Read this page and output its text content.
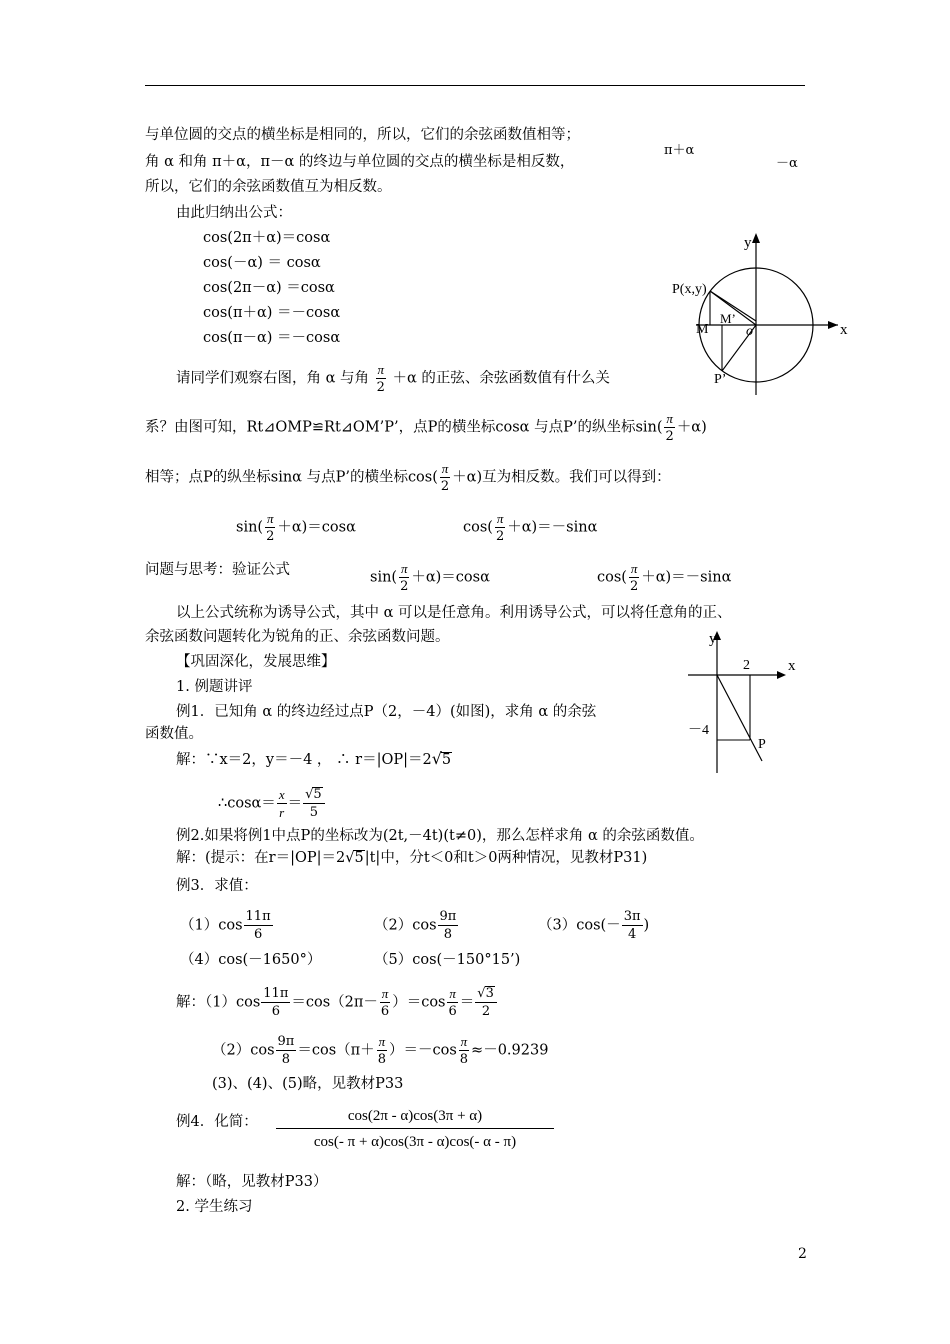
与单位圆的交点的横坐标是相同的，所以，它们的余弦函数值相等；
角 α 和角 π＋α，π－α 的终边与单位圆的交点的横坐标是相反数，
π＋α
－α
所以，它们的余弦函数值互为相反数。
由此归纳出公式：
cos(2π＋α)＝cosα
cos(－α) ＝ cosα
cos(2π－α) ＝cosα
cos(π＋α) ＝－cosα
cos(π－α) ＝－cosα
y
x
P(x,y)
M
M’
o
P’
请同学们观察右图，角 α 与角 $\frac{\pi}{2} +\alpha$ 的正弦、余弦函数值有什么关
系？由图可知，Rt⊿OMP≌Rt⊿OM’P’，点P的横坐标cosα 与点P’的纵坐标$\sin( \frac{\pi}{2} +\alpha)$
相等；点P的纵坐标sinα 与点P’的横坐标$\cos( \frac{\pi}{2} +\alpha)$互为相反数。我们可以得到：
$\sin( \frac{\pi}{2} +\alpha)=\cos\alpha$	$\cos( \frac{\pi}{2} +\alpha)=-\sin\alpha$
问题与思考：验证公式	$\sin( \frac{\pi}{2} +\alpha)=\cos\alpha$	$\cos( \frac{\pi}{2} +\alpha)=-\sin\alpha$
以上公式统称为诱导公式，其中 α 可以是任意角。利用诱导公式，可以将任意角的正、
余弦函数问题转化为锐角的正、余弦函数问题。
【巩固深化，发展思维】
1. 例题讲评
例1．已知角 α 的终边经过点P（2，－4）(如图)，求角 α 的余弦
函数值。
y
x
2
－4
P
解：∵x＝2，y＝－4 ， ∴ r＝|OP|＝2√5
∴cosα＝ $\frac{x}{r} = \frac{√5}{5}$
例2.如果将例1中点P的坐标改为(2t,－4t)(t≠0)，那么怎样求角 α 的余弦函数值。
解：(提示：在r＝|OP|＝2√5|t|中，分t＜0和t＞0两种情况，见教材P31)
例3．求值：
$(1)\cos \frac{11\pi}{6}$	$(2)\cos \frac{9\pi}{8}$	$(3)\cos(- \frac{3\pi}{4}$ )
（4）cos(－1650°）	（5）cos(－150°15’)
解：$(1)\cos \frac{11\pi}{6} =\cos(2\pi- \frac{\pi}{6} )=\cos \frac{\pi}{6} = \frac{√3}{2}$
$(2)\cos \frac{9\pi}{8} =\cos(\pi+ \frac{\pi}{8} )=-\cos \frac{\pi}{8} \approx-0.9239$
(3)、(4)、(5)略，见教材P33
例4．化简： $\frac{\cos(2\pi - \alpha)\cos(3\pi + \alpha)}{\cos(- \pi + \alpha)\cos(3\pi - \alpha)\cos(- \alpha - \pi)}$
解：（略，见教材P33）
2. 学生练习
2
